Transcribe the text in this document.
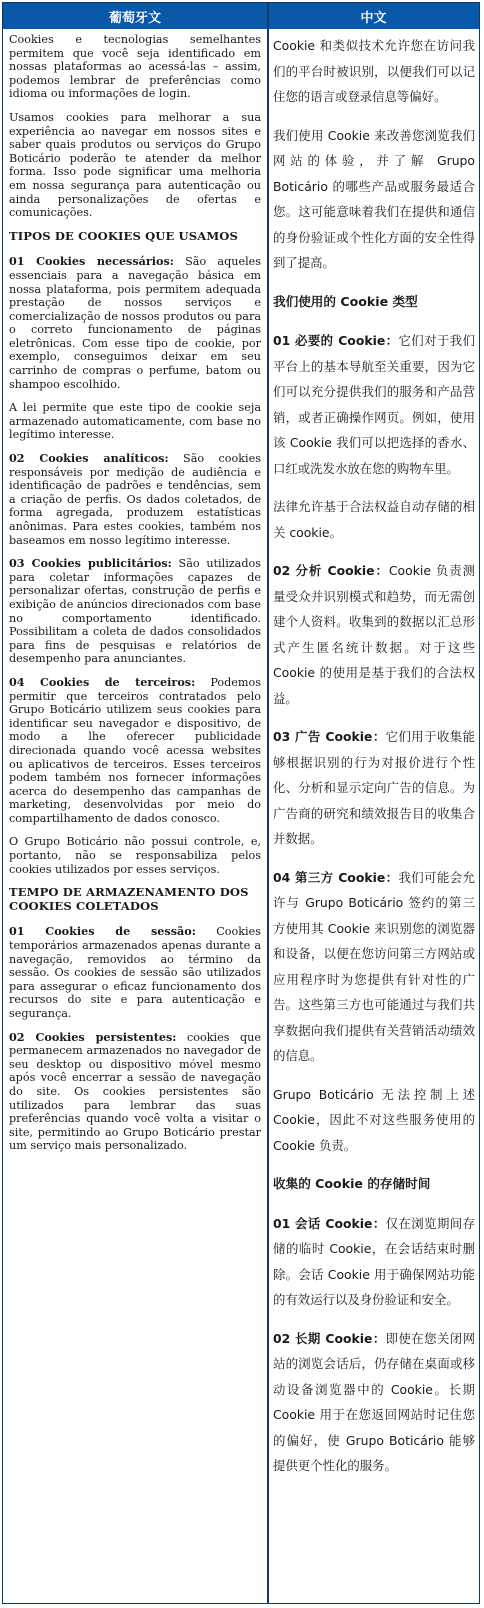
葡萄牙文	中文

Cookies e tecnologias semelhantes permitem que você seja identificado em nossas plataformas ao acessá-las – assim, podemos lembrar de preferências como idioma ou informações de login.

Usamos cookies para melhorar a sua experiência ao navegar em nossos sites e saber quais produtos ou serviços do Grupo Boticário poderão te atender da melhor forma. Isso pode significar uma melhoria em nossa segurança para autenticação ou ainda personalizações de ofertas e comunicações.

TIPOS DE COOKIES QUE USAMOS

01 Cookies necessários: São aqueles essenciais para a navegação básica em nossa plataforma, pois permitem adequada prestação de nossos serviços e comercialização de nossos produtos ou para o correto funcionamento de páginas eletrônicas. Com esse tipo de cookie, por exemplo, conseguimos deixar em seu carrinho de compras o perfume, batom ou shampoo escolhido.

A lei permite que este tipo de cookie seja armazenado automaticamente, com base no legítimo interesse.

02 Cookies analíticos: São cookies responsáveis por medição de audiência e identificação de padrões e tendências, sem a criação de perfis. Os dados coletados, de forma agregada, produzem estatísticas anônimas. Para estes cookies, também nos baseamos em nosso legítimo interesse.

03 Cookies publicitários: São utilizados para coletar informações capazes de personalizar ofertas, construção de perfis e exibição de anúncios direcionados com base no comportamento identificado. Possibilitam a coleta de dados consolidados para fins de pesquisas e relatórios de desempenho para anunciantes.

04 Cookies de terceiros: Podemos permitir que terceiros contratados pelo Grupo Boticário utilizem seus cookies para identificar seu navegador e dispositivo, de modo a lhe oferecer publicidade direcionada quando você acessa websites ou aplicativos de terceiros. Esses terceiros podem também nos fornecer informações acerca do desempenho das campanhas de marketing, desenvolvidas por meio do compartilhamento de dados conosco.

O Grupo Boticário não possui controle, e, portanto, não se responsabiliza pelos cookies utilizados por esses serviços.

TEMPO DE ARMAZENAMENTO DOS COOKIES COLETADOS

01 Cookies de sessão: Cookies temporários armazenados apenas durante a navegação, removidos ao término da sessão. Os cookies de sessão são utilizados para assegurar o eficaz funcionamento dos recursos do site e para autenticação e segurança.

02 Cookies persistentes: cookies que permanecem armazenados no navegador de seu desktop ou dispositivo móvel mesmo após você encerrar a sessão de navegação do site. Os cookies persistentes são utilizados para lembrar das suas preferências quando você volta a visitar o site, permitindo ao Grupo Boticário prestar um serviço mais personalizado.

Cookie 和类似技术允许您在访问我们的平台时被识别，以便我们可以记住您的语言或登录信息等偏好。

我们使用 Cookie 来改善您浏览我们网站的体验，并了解 Grupo Boticário 的哪些产品或服务最适合您。这可能意味着我们在提供和通信的身份验证或个性化方面的安全性得到了提高。

我们使用的 Cookie 类型

01 必要的 Cookie：它们对于我们平台上的基本导航至关重要，因为它们可以充分提供我们的服务和产品营销，或者正确操作网页。例如，使用该 Cookie 我们可以把选择的香水、口红或洗发水放在您的购物车里。

法律允许基于合法权益自动存储的相关 cookie。

02 分析 Cookie：Cookie 负责测量受众并识别模式和趋势，而无需创建个人资料。收集到的数据以汇总形式产生匿名统计数据。对于这些 Cookie 的使用是基于我们的合法权益。

03 广告 Cookie：它们用于收集能够根据识别的行为对报价进行个性化、分析和显示定向广告的信息。为广告商的研究和绩效报告目的收集合并数据。

04 第三方 Cookie：我们可能会允许与 Grupo Boticário 签约的第三方使用其 Cookie 来识别您的浏览器和设备，以便在您访问第三方网站或应用程序时为您提供有针对性的广告。这些第三方也可能通过与我们共享数据向我们提供有关营销活动绩效的信息。

Grupo Boticário 无法控制上述 Cookie，因此不对这些服务使用的 Cookie 负责。

收集的 Cookie 的存储时间

01 会话 Cookie：仅在浏览期间存储的临时 Cookie，在会话结束时删除。会话 Cookie 用于确保网站功能的有效运行以及身份验证和安全。

02 长期 Cookie：即使在您关闭网站的浏览会话后，仍存储在桌面或移动设备浏览器中的 Cookie。长期 Cookie 用于在您返回网站时记住您的偏好，使 Grupo Boticário 能够提供更个性化的服务。
